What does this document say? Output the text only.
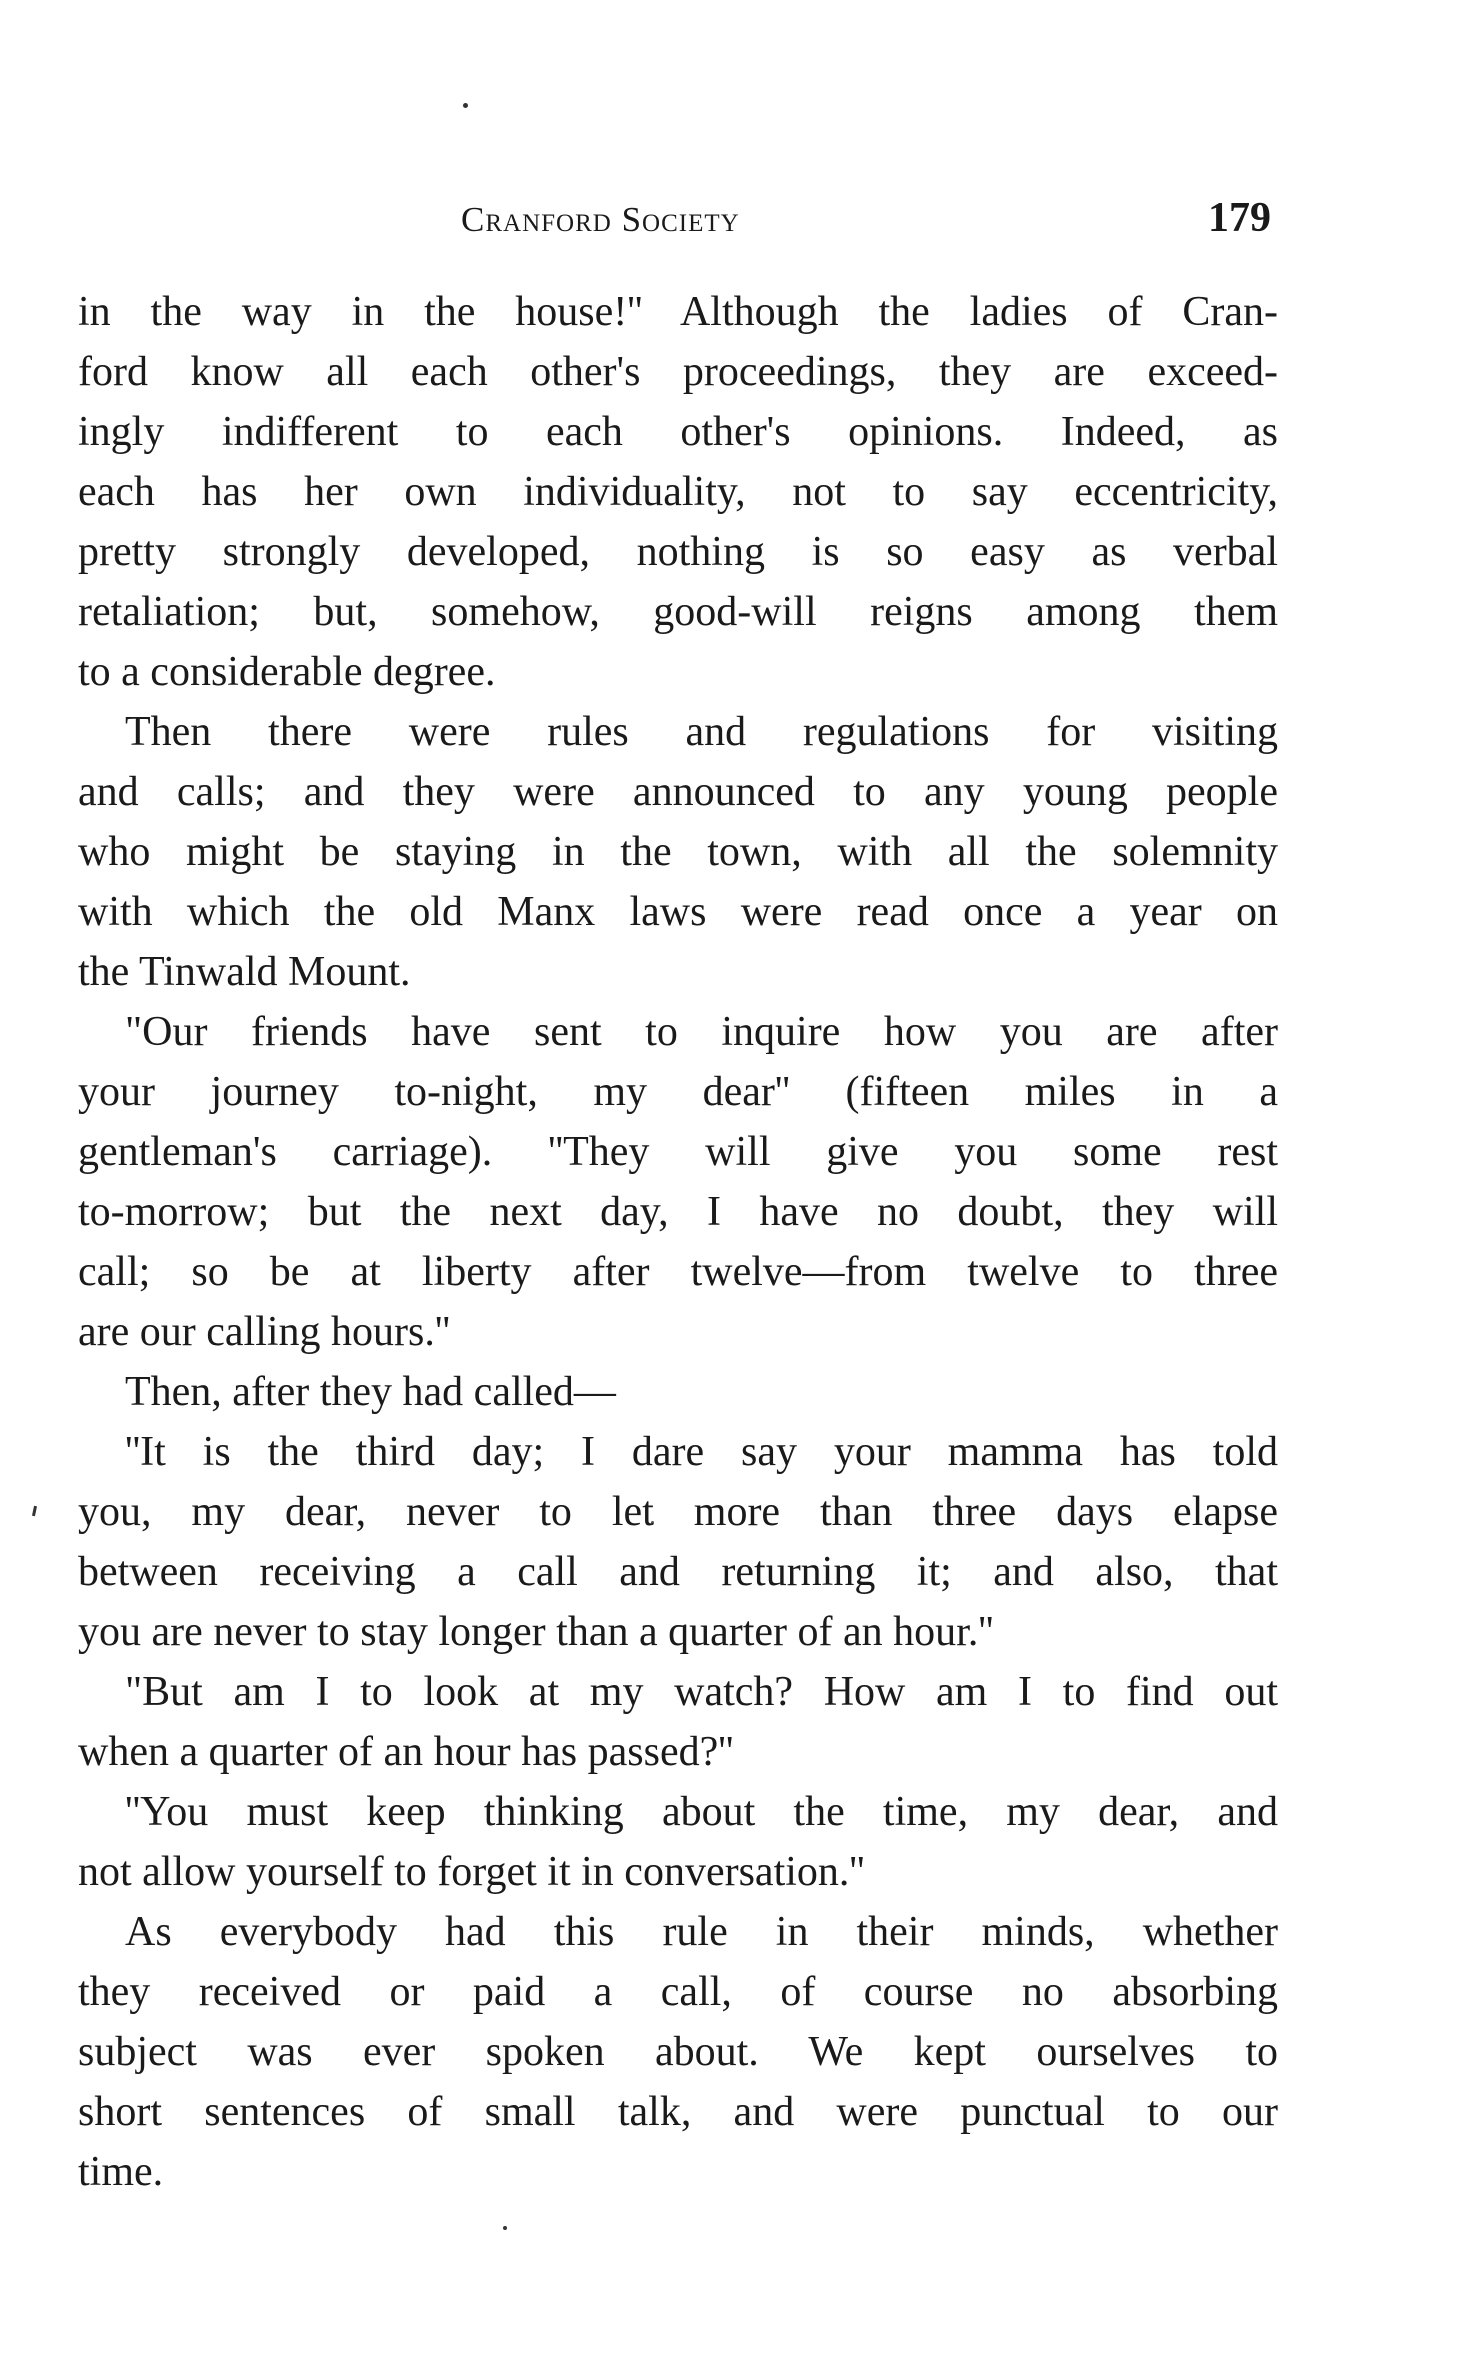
Cranford Society	179
in the way in the house!'' Although the ladies of Cran-
ford know all each other's proceedings, they are exceed-
ingly indifferent to each other's opinions. Indeed, as
each has her own individuality, not to say eccentricity,
pretty strongly developed, nothing is so easy as verbal
retaliation; but, somehow, good-will reigns among them
to a considerable degree.
Then there were rules and regulations for visiting
and calls; and they were announced to any young people
who might be staying in the town, with all the solemnity
with which the old Manx laws were read once a year on
the Tinwald Mount.
"Our friends have sent to inquire how you are after
your journey to-night, my dear'' (fifteen miles in a
gentleman's carriage). ''They will give you some rest
to-morrow; but the next day, I have no doubt, they will
call; so be at liberty after twelve—from twelve to three
are our calling hours.''
Then, after they had called—
''It is the third day; I dare say your mamma has told
you, my dear, never to let more than three days elapse
between receiving a call and returning it; and also, that
you are never to stay longer than a quarter of an hour.''
"But am I to look at my watch? How am I to find out
when a quarter of an hour has passed?''
''You must keep thinking about the time, my dear, and
not allow yourself to forget it in conversation.''
As everybody had this rule in their minds, whether
they received or paid a call, of course no absorbing
subject was ever spoken about. We kept ourselves to
short sentences of small talk, and were punctual to our
time.
